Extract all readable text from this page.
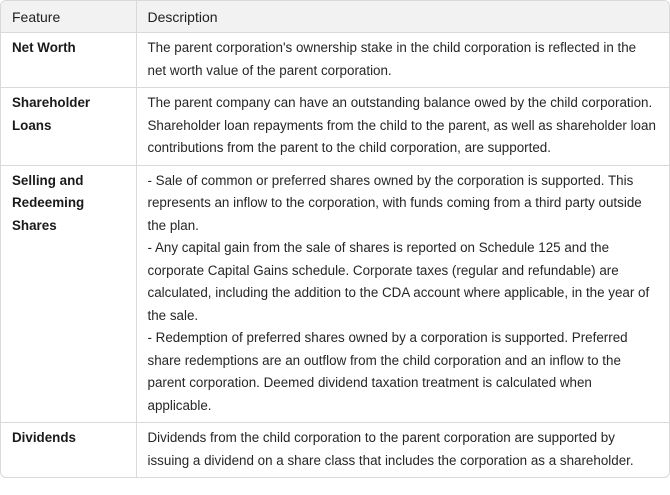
Feature	Description
Net Worth	The parent corporation's ownership stake in the child corporation is reflected in the net worth value of the parent corporation.

Shareholder Loans	The parent company can have an outstanding balance owed by the child corporation. Shareholder loan repayments from the child to the parent, as well as shareholder loan contributions from the parent to the child corporation, are supported.

Selling and Redeeming Shares	- Sale of common or preferred shares owned by the corporation is supported. This represents an inflow to the corporation, with funds coming from a third party outside the plan.
- Any capital gain from the sale of shares is reported on Schedule 125 and the corporate Capital Gains schedule. Corporate taxes (regular and refundable) are calculated, including the addition to the CDA account where applicable, in the year of the sale.
- Redemption of preferred shares owned by a corporation is supported. Preferred share redemptions are an outflow from the child corporation and an inflow to the parent corporation. Deemed dividend taxation treatment is calculated when applicable.

Dividends	Dividends from the child corporation to the parent corporation are supported by issuing a dividend on a share class that includes the corporation as a shareholder.
